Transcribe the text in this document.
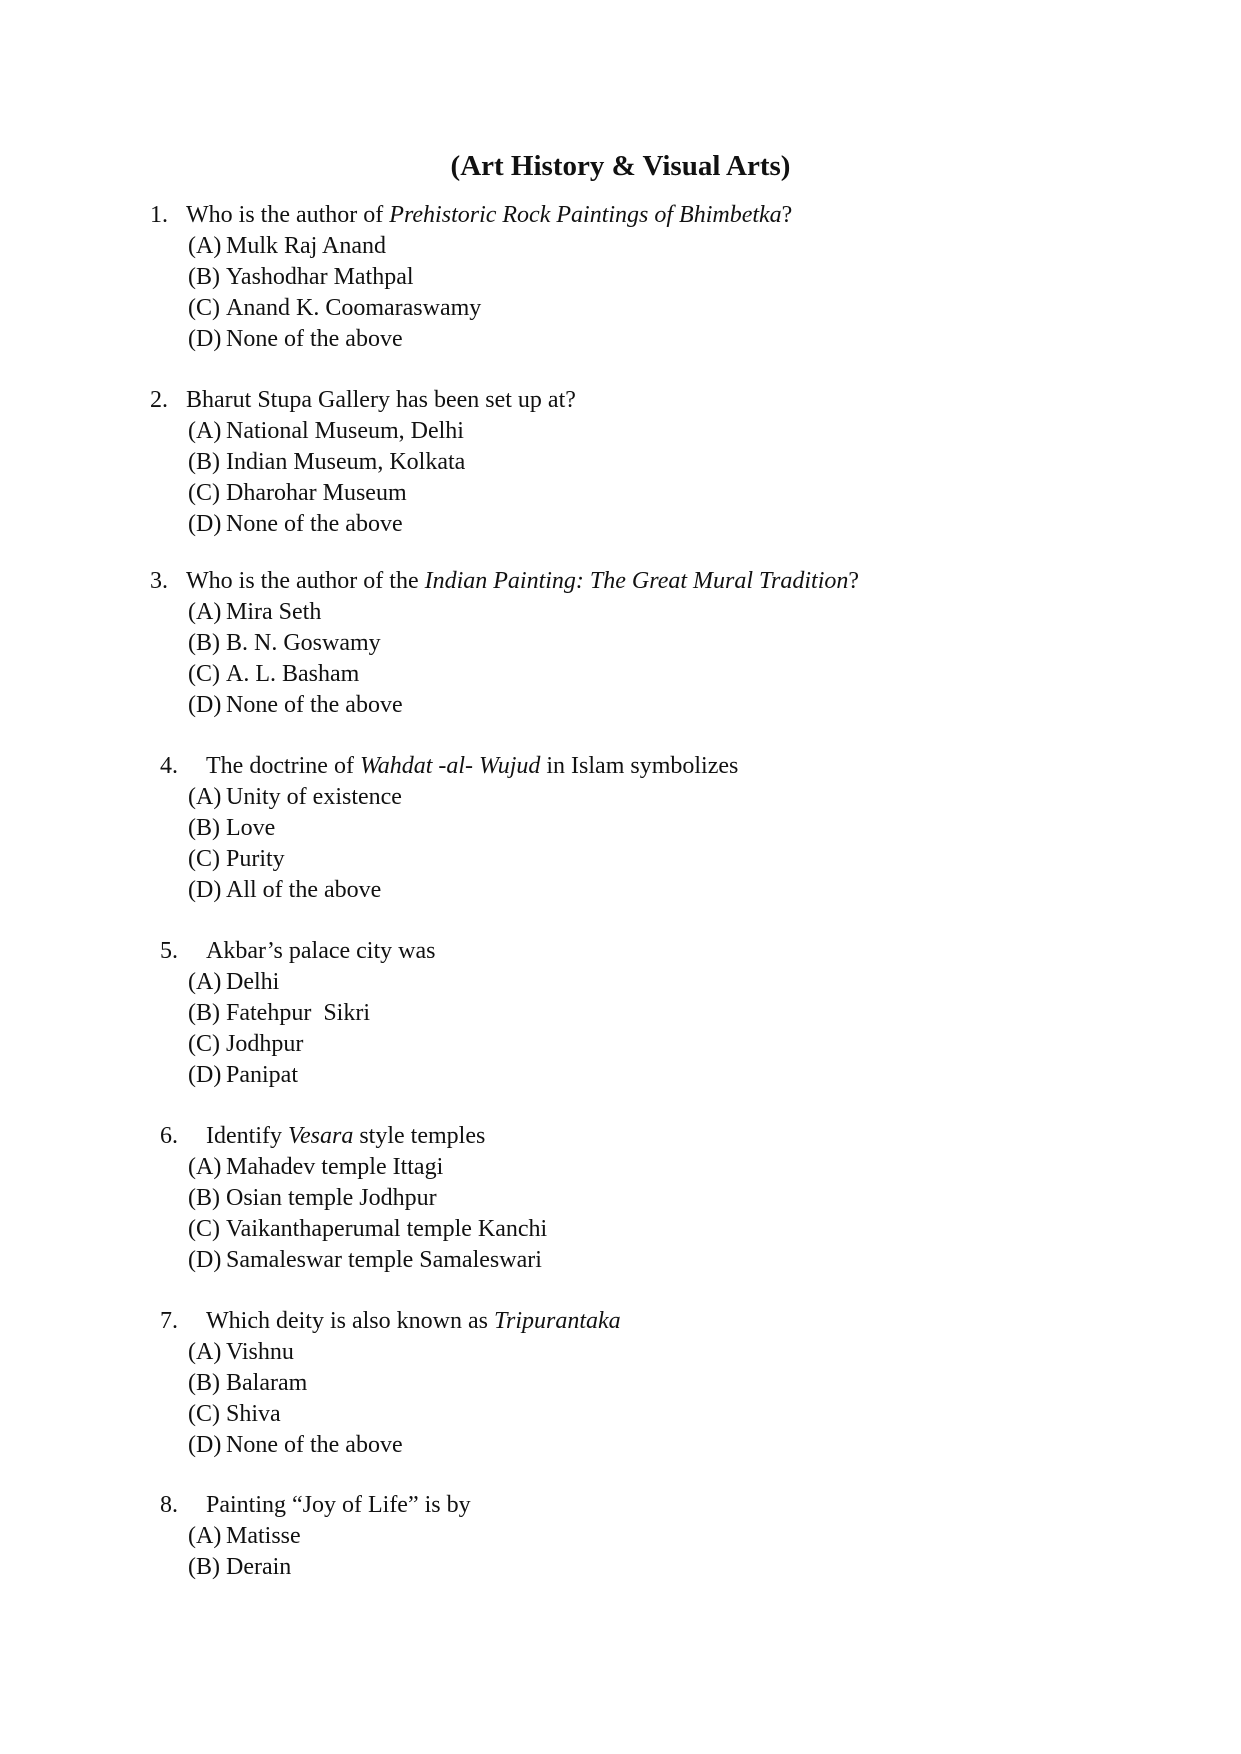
(Art History & Visual Arts)
1. Who is the author of Prehistoric Rock Paintings of Bhimbetka?
(A) Mulk Raj Anand
(B) Yashodhar Mathpal
(C) Anand K. Coomaraswamy
(D) None of the above
2. Bharut Stupa Gallery has been set up at?
(A) National Museum, Delhi
(B) Indian Museum, Kolkata
(C) Dharohar Museum
(D) None of the above
3. Who is the author of the Indian Painting: The Great Mural Tradition?
(A) Mira Seth
(B) B. N. Goswamy
(C) A. L. Basham
(D) None of the above
4. The doctrine of Wahdat -al- Wujud in Islam symbolizes
(A) Unity of existence
(B) Love
(C) Purity
(D) All of the above
5. Akbar’s palace city was
(A) Delhi
(B) Fatehpur  Sikri
(C) Jodhpur
(D) Panipat
6. Identify Vesara style temples
(A) Mahadev temple Ittagi
(B) Osian temple Jodhpur
(C) Vaikanthaperumal temple Kanchi
(D) Samaleswar temple Samaleswari
7. Which deity is also known as Tripurantaka
(A) Vishnu
(B) Balaram
(C) Shiva
(D) None of the above
8. Painting “Joy of Life” is by
(A) Matisse
(B) Derain
